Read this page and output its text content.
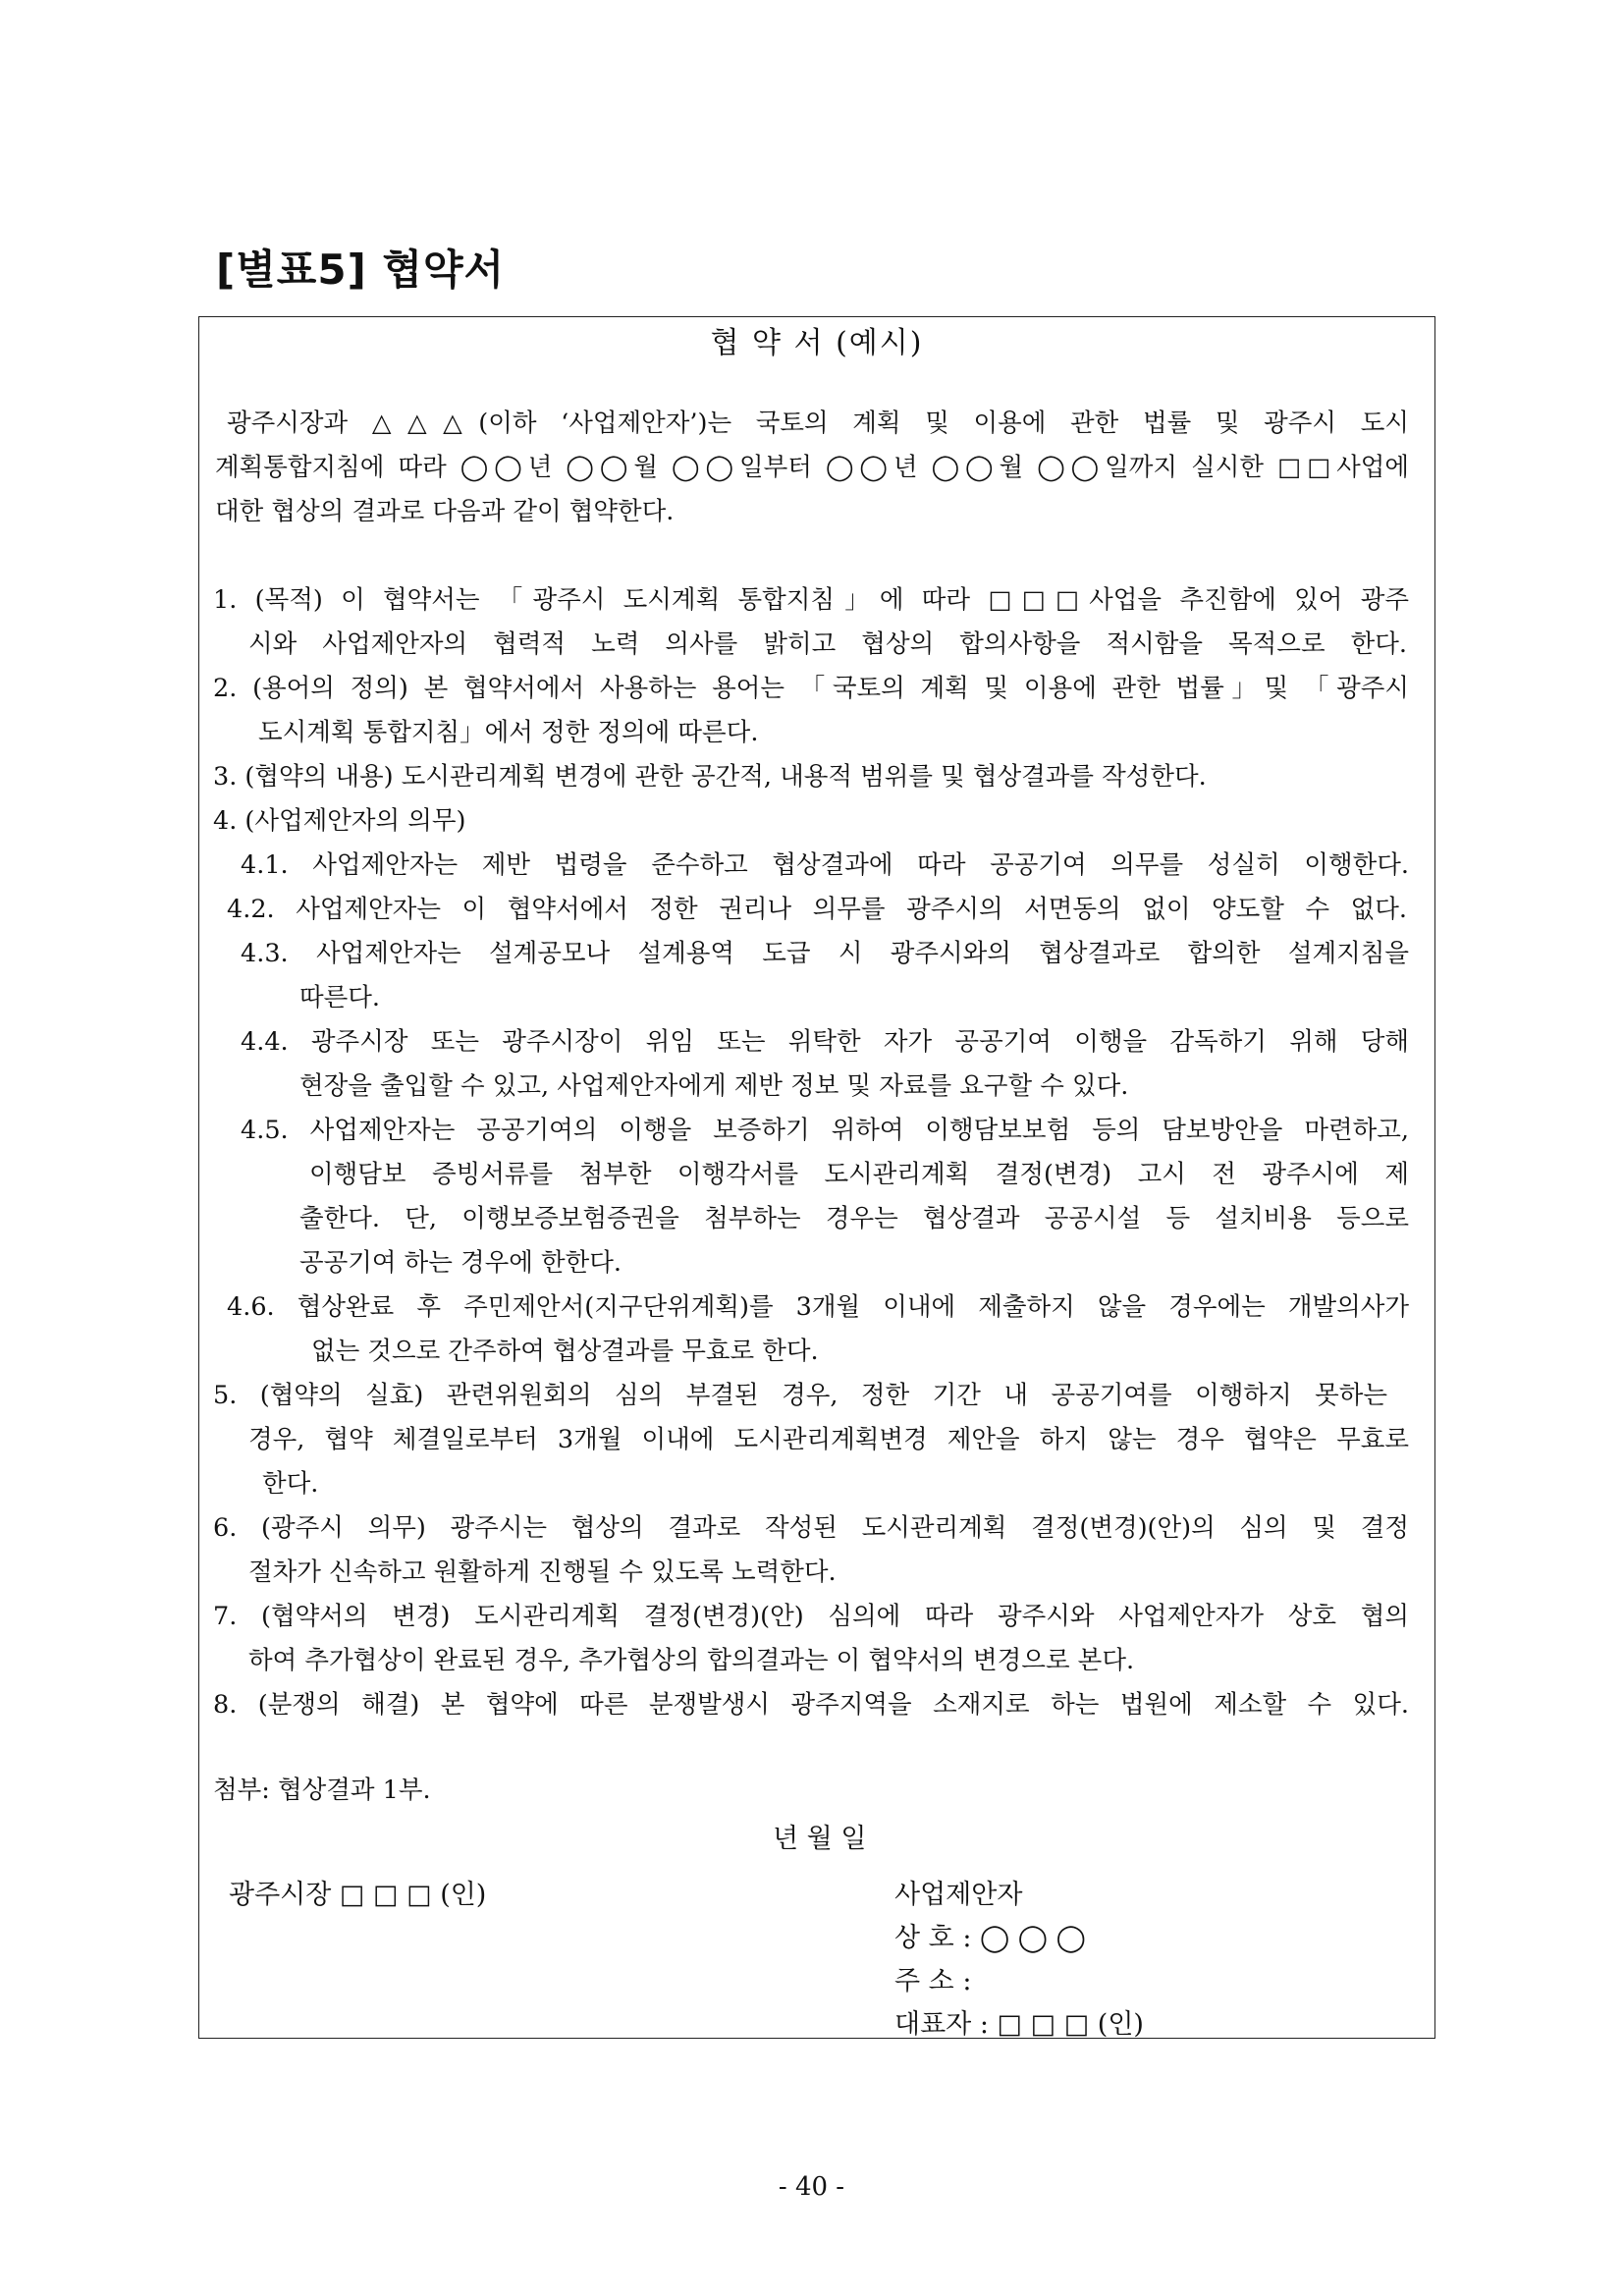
[별표5] 협약서
협 약 서 (예시)
광주시장과 △△△(이하 ‘사업제안자’)는 국토의 계획 및 이용에 관한 법률 및 광주시 도시
계획통합지침에 따라 ◯◯년 ◯◯월 ◯◯일부터 ◯◯년 ◯◯월 ◯◯일까지 실시한 □□사업에
대한 협상의 결과로 다음과 같이 협약한다.
1. (목적) 이 협약서는 「광주시 도시계획 통합지침」에 따라 □□□사업을 추진함에 있어 광주
시와 사업제안자의 협력적 노력 의사를 밝히고 협상의 합의사항을 적시함을 목적으로 한다.
2. (용어의 정의) 본 협약서에서 사용하는 용어는 「국토의 계획 및 이용에 관한 법률」및 「광주시
도시계획 통합지침」에서 정한 정의에 따른다.
3. (협약의 내용) 도시관리계획 변경에 관한 공간적, 내용적 범위를 및 협상결과를 작성한다.
4. (사업제안자의 의무)
4.1. 사업제안자는 제반 법령을 준수하고 협상결과에 따라 공공기여 의무를 성실히 이행한다.
4.2. 사업제안자는 이 협약서에서 정한 권리나 의무를 광주시의 서면동의 없이 양도할 수 없다.
4.3. 사업제안자는 설계공모나 설계용역 도급 시 광주시와의 협상결과로 합의한 설계지침을
따른다.
4.4. 광주시장 또는 광주시장이 위임 또는 위탁한 자가 공공기여 이행을 감독하기 위해 당해
현장을 출입할 수 있고, 사업제안자에게 제반 정보 및 자료를 요구할 수 있다.
4.5. 사업제안자는 공공기여의 이행을 보증하기 위하여 이행담보보험 등의 담보방안을 마련하고,
이행담보 증빙서류를 첨부한 이행각서를 도시관리계획 결정(변경) 고시 전 광주시에 제
출한다. 단, 이행보증보험증권을 첨부하는 경우는 협상결과 공공시설 등 설치비용 등으로
공공기여 하는 경우에 한한다.
4.6. 협상완료 후 주민제안서(지구단위계획)를 3개월 이내에 제출하지 않을 경우에는 개발의사가
없는 것으로 간주하여 협상결과를 무효로 한다.
5. (협약의 실효) 관련위원회의 심의 부결된 경우, 정한 기간 내 공공기여를 이행하지 못하는
경우, 협약 체결일로부터 3개월 이내에 도시관리계획변경 제안을 하지 않는 경우 협약은 무효로
한다.
6. (광주시 의무) 광주시는 협상의 결과로 작성된 도시관리계획 결정(변경)(안)의 심의 및 결정
절차가 신속하고 원활하게 진행될 수 있도록 노력한다.
7. (협약서의 변경) 도시관리계획 결정(변경)(안) 심의에 따라 광주시와 사업제안자가 상호 협의
하여 추가협상이 완료된 경우, 추가협상의 합의결과는 이 협약서의 변경으로 본다.
8. (분쟁의 해결) 본 협약에 따른 분쟁발생시 광주지역을 소재지로 하는 법원에 제소할 수 있다.
첨부: 협상결과 1부.
년 월 일
광주시장 □ □ □ (인)	사업제안자
상 호 : ◯ ◯ ◯
주 소 :
대표자 : □ □ □ (인)
- 40 -
